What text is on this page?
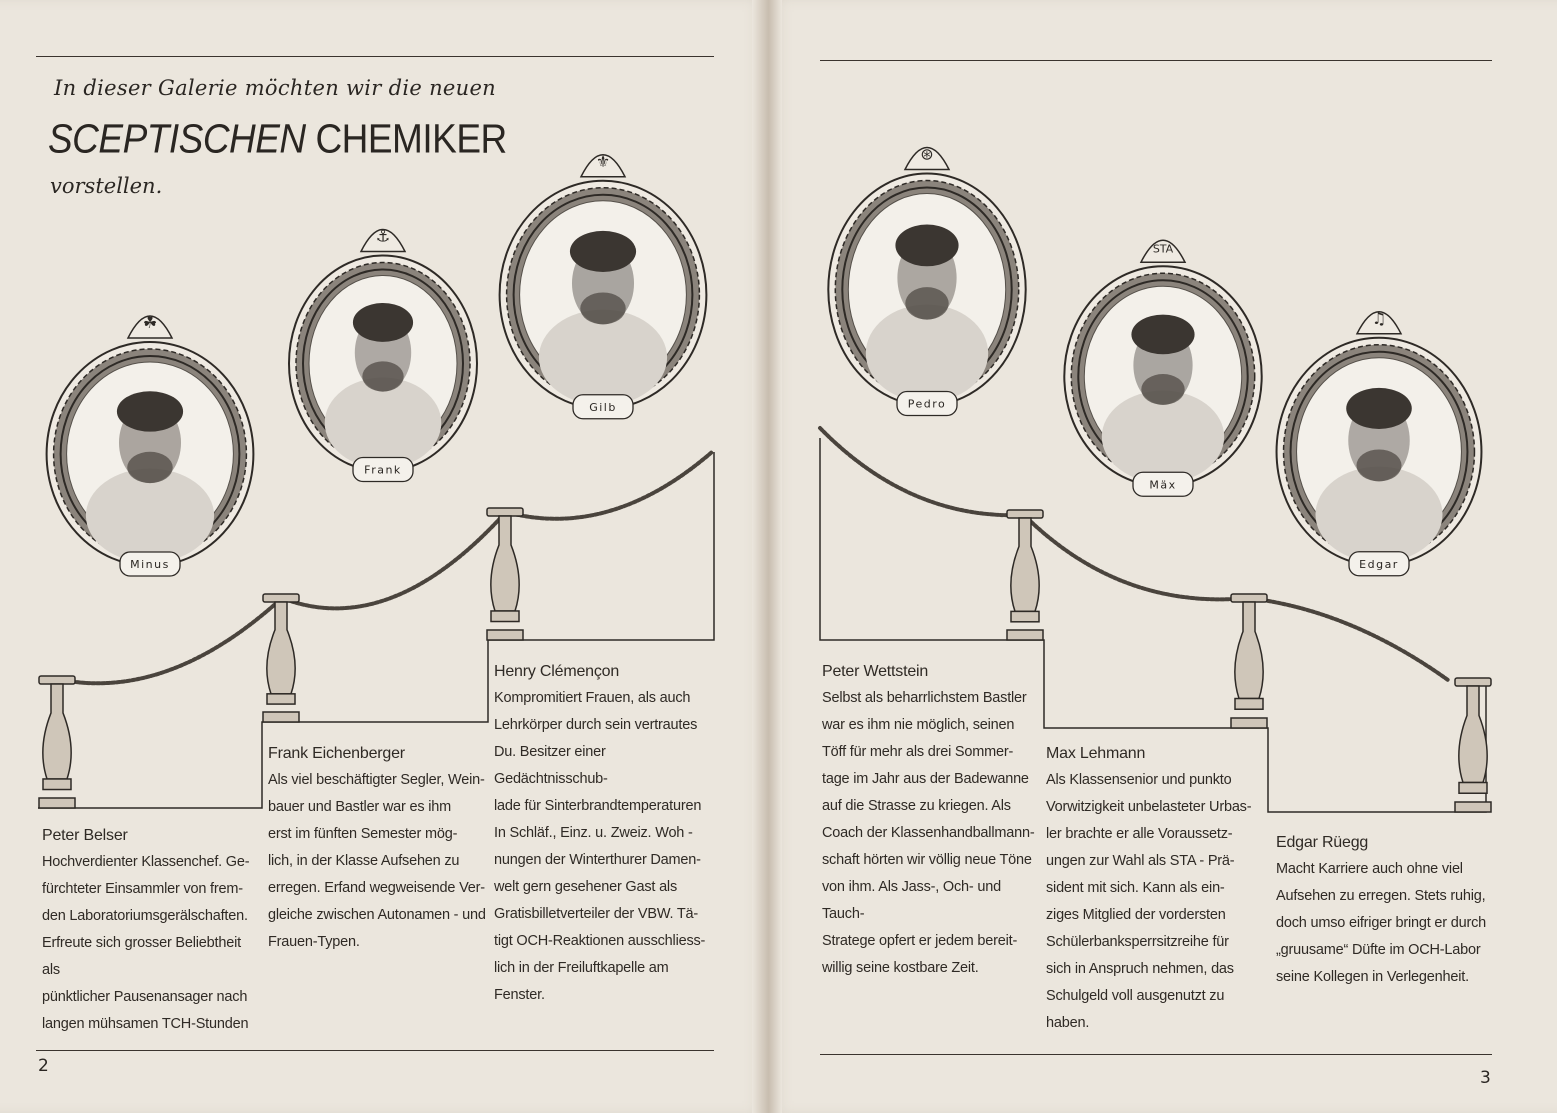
In dieser Galerie möchten wir die neuen
SCEPTISCHEN CHEMIKER
vorstellen.
☘
Minus
⚓
Frank
⚜
Gilb
Peter Belser
Hochverdienter Klassenchef. Ge-
fürchteter Einsammler von frem-
den Laboratoriumsgerälschaften.
Erfreute sich grosser Beliebtheit als
pünktlicher Pausenansager nach
langen mühsamen TCH-Stunden
Frank Eichenberger
Als viel beschäftigter Segler, Wein-
bauer und Bastler war es ihm
erst im fünften Semester mög-
lich, in der Klasse Aufsehen zu
erregen. Erfand wegweisende Ver-
gleiche zwischen Autonamen - und
Frauen-Typen.
Henry Clémençon
Kompromitiert Frauen, als auch
Lehrkörper durch sein vertrautes
Du. Besitzer einer Gedächtnisschub-
lade für Sinterbrandtemperaturen
In Schläf., Einz. u. Zweiz. Woh -
nungen der Winterthurer Damen-
welt gern gesehener Gast als
Gratisbilletverteiler der VBW. Tä-
tigt OCH-Reaktionen ausschliess-
lich in der Freiluftkapelle am
Fenster.
2
⊛
Pedro
STA
Mäx
♫
Edgar
Peter Wettstein
Selbst als beharrlichstem Bastler
war es ihm nie möglich, seinen
Töff für mehr als drei Sommer-
tage im Jahr aus der Badewanne
auf die Strasse zu kriegen. Als
Coach der Klassenhandballmann-
schaft hörten wir völlig neue Töne
von ihm. Als Jass-, Och- und Tauch-
Stratege opfert er jedem bereit-
willig seine kostbare Zeit.
Max Lehmann
Als Klassensenior und punkto
Vorwitzigkeit unbelasteter Urbas-
ler brachte er alle Voraussetz-
ungen zur Wahl als STA - Prä-
sident mit sich. Kann als ein-
ziges Mitglied der vordersten
Schülerbanksperrsitzreihe für
sich in Anspruch nehmen, das
Schulgeld voll ausgenutzt zu haben.
Edgar Rüegg
Macht Karriere auch ohne viel
Aufsehen zu erregen. Stets ruhig,
doch umso eifriger bringt er durch
„gruusame“ Düfte im OCH-Labor
seine Kollegen in Verlegenheit.
3
